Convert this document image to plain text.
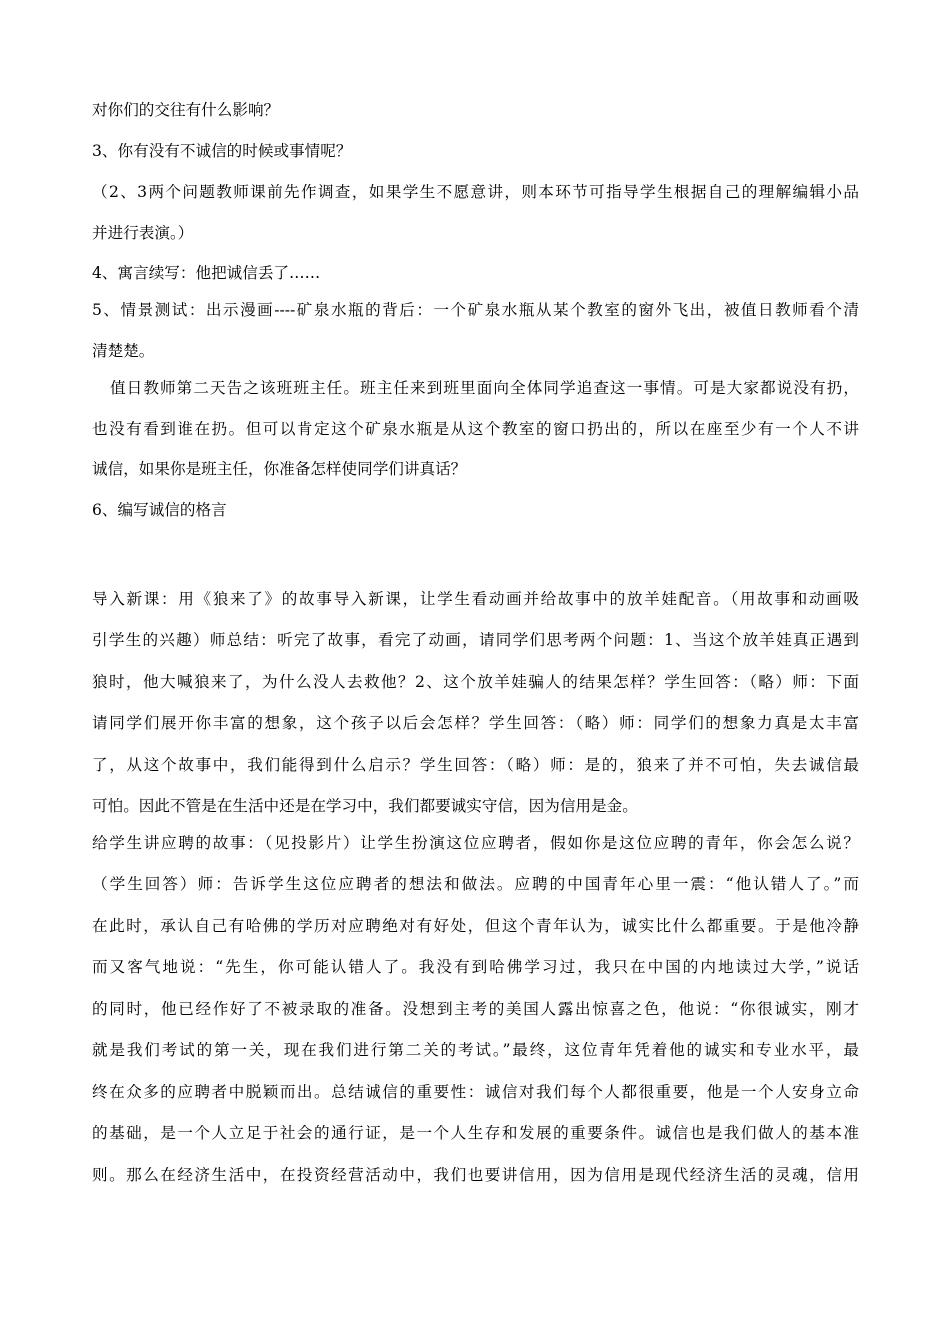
对你们的交往有什么影响？
3、你有没有不诚信的时候或事情呢？
（2、3两个问题教师课前先作调查，如果学生不愿意讲，则本环节可指导学生根据自己的理解编辑小品
并进行表演。）
4、寓言续写：他把诚信丢了……
5、情景测试：出示漫画----矿泉水瓶的背后：一个矿泉水瓶从某个教室的窗外飞出，被值日教师看个清
清楚楚。
值日教师第二天告之该班班主任。班主任来到班里面向全体同学追查这一事情。可是大家都说没有扔，
也没有看到谁在扔。但可以肯定这个矿泉水瓶是从这个教室的窗口扔出的，所以在座至少有一个人不讲
诚信，如果你是班主任，你准备怎样使同学们讲真话？
6、编写诚信的格言
导入新课：用《狼来了》的故事导入新课，让学生看动画并给故事中的放羊娃配音。（用故事和动画吸
引学生的兴趣）师总结：听完了故事，看完了动画，请同学们思考两个问题：1、当这个放羊娃真正遇到
狼时，他大喊狼来了，为什么没人去救他？2、这个放羊娃骗人的结果怎样？学生回答：（略）师：下面
请同学们展开你丰富的想象，这个孩子以后会怎样？学生回答：（略）师：同学们的想象力真是太丰富
了，从这个故事中，我们能得到什么启示？学生回答：（略）师：是的，狼来了并不可怕，失去诚信最
可怕。因此不管是在生活中还是在学习中，我们都要诚实守信，因为信用是金。
给学生讲应聘的故事：（见投影片）让学生扮演这位应聘者，假如你是这位应聘的青年，你会怎么说？
（学生回答）师：告诉学生这位应聘者的想法和做法。应聘的中国青年心里一震：“他认错人了。”而
在此时，承认自己有哈佛的学历对应聘绝对有好处，但这个青年认为，诚实比什么都重要。于是他冷静
而又客气地说：“先生，你可能认错人了。我没有到哈佛学习过，我只在中国的内地读过大学，”说话
的同时，他已经作好了不被录取的准备。没想到主考的美国人露出惊喜之色，他说：“你很诚实，刚才
就是我们考试的第一关，现在我们进行第二关的考试。”最终，这位青年凭着他的诚实和专业水平，最
终在众多的应聘者中脱颖而出。总结诚信的重要性：诚信对我们每个人都很重要，他是一个人安身立命
的基础，是一个人立足于社会的通行证，是一个人生存和发展的重要条件。诚信也是我们做人的基本准
则。那么在经济生活中，在投资经营活动中，我们也要讲信用，因为信用是现代经济生活的灵魂，信用
